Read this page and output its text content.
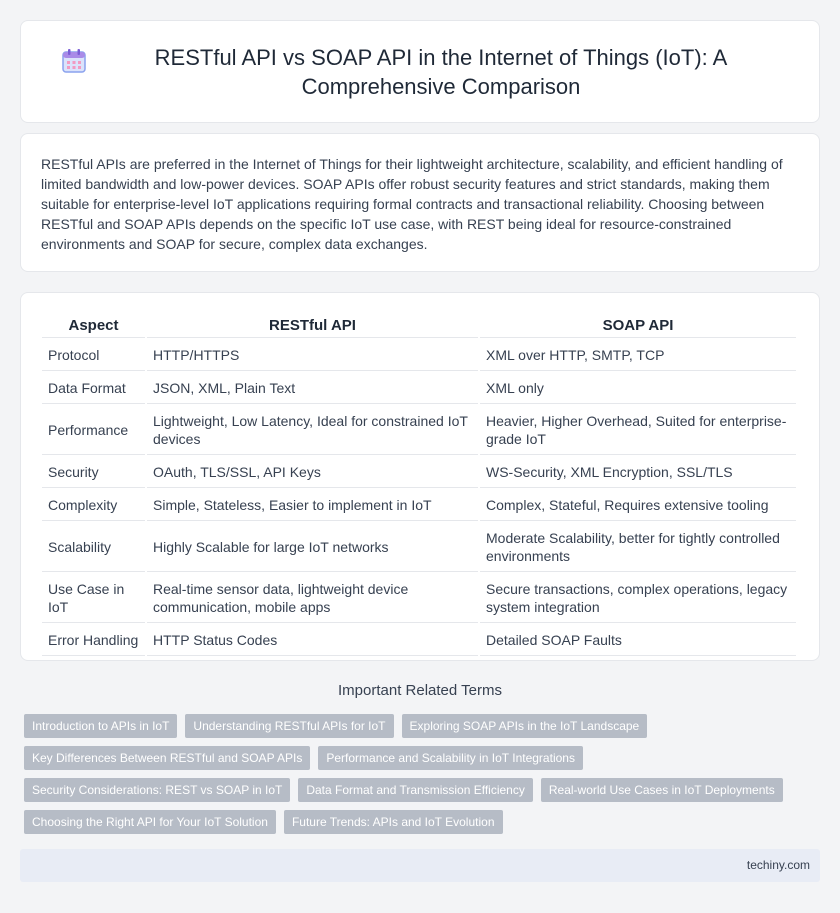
RESTful API vs SOAP API in the Internet of Things (IoT): A Comprehensive Comparison

RESTful APIs are preferred in the Internet of Things for their lightweight architecture, scalability, and efficient handling of limited bandwidth and low-power devices. SOAP APIs offer robust security features and strict standards, making them suitable for enterprise-level IoT applications requiring formal contracts and transactional reliability. Choosing between RESTful and SOAP APIs depends on the specific IoT use case, with REST being ideal for resource-constrained environments and SOAP for secure, complex data exchanges.

Aspect	RESTful API	SOAP API
Protocol	HTTP/HTTPS	XML over HTTP, SMTP, TCP
Data Format	JSON, XML, Plain Text	XML only
Performance	Lightweight, Low Latency, Ideal for constrained IoT devices	Heavier, Higher Overhead, Suited for enterprise-grade IoT
Security	OAuth, TLS/SSL, API Keys	WS-Security, XML Encryption, SSL/TLS
Complexity	Simple, Stateless, Easier to implement in IoT	Complex, Stateful, Requires extensive tooling
Scalability	Highly Scalable for large IoT networks	Moderate Scalability, better for tightly controlled environments
Use Case in IoT	Real-time sensor data, lightweight device communication, mobile apps	Secure transactions, complex operations, legacy system integration
Error Handling	HTTP Status Codes	Detailed SOAP Faults
Important Related Terms
Introduction to APIs in IoT	Understanding RESTful APIs for IoT	Exploring SOAP APIs in the IoT Landscape
Key Differences Between RESTful and SOAP APIs	Performance and Scalability in IoT Integrations
Security Considerations: REST vs SOAP in IoT	Data Format and Transmission Efficiency	Real-world Use Cases in IoT Deployments
Choosing the Right API for Your IoT Solution	Future Trends: APIs and IoT Evolution
techiny.com
